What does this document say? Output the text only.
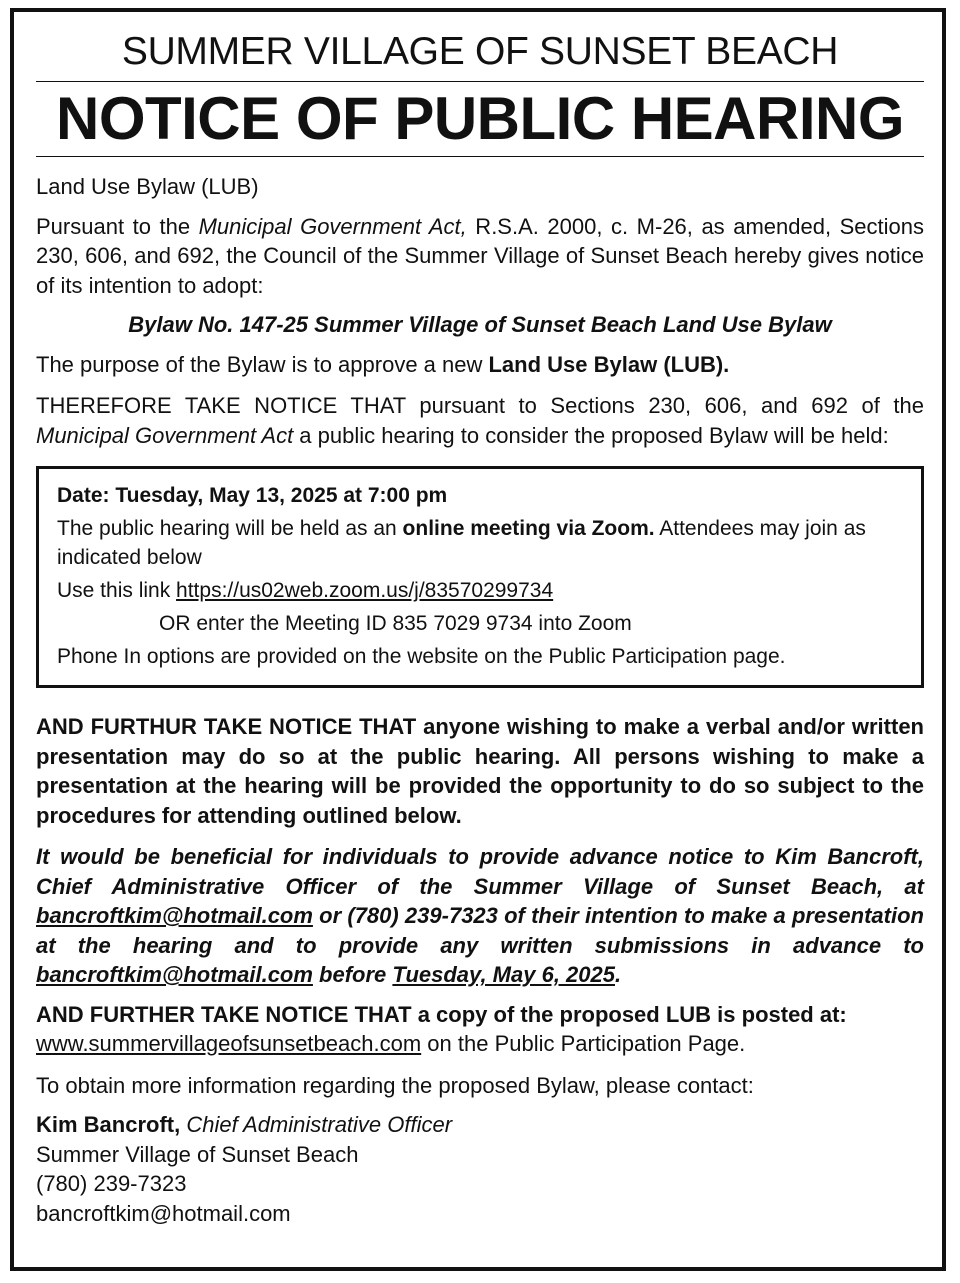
SUMMER VILLAGE OF SUNSET BEACH
NOTICE OF PUBLIC HEARING

Land Use Bylaw (LUB)

Pursuant to the Municipal Government Act, R.S.A. 2000, c. M-26, as amended, Sections 230, 606, and 692, the Council of the Summer Village of Sunset Beach hereby gives notice of its intention to adopt:

Bylaw No. 147-25 Summer Village of Sunset Beach Land Use Bylaw

The purpose of the Bylaw is to approve a new Land Use Bylaw (LUB).

THEREFORE TAKE NOTICE THAT pursuant to Sections 230, 606, and 692 of the Municipal Government Act a public hearing to consider the proposed Bylaw will be held:

Date: Tuesday, May 13, 2025 at 7:00 pm

The public hearing will be held as an online meeting via Zoom. Attendees may join as indicated below

Use this link https://us02web.zoom.us/j/83570299734

OR enter the Meeting ID 835 7029 9734 into Zoom

Phone In options are provided on the website on the Public Participation page.

AND FURTHUR TAKE NOTICE THAT anyone wishing to make a verbal and/or written presentation may do so at the public hearing. All persons wishing to make a presentation at the hearing will be provided the opportunity to do so subject to the procedures for attending outlined below.

It would be beneficial for individuals to provide advance notice to Kim Bancroft, Chief Administrative Officer of the Summer Village of Sunset Beach, at bancroftkim@hotmail.com or (780) 239-7323 of their intention to make a presentation at the hearing and to provide any written submissions in advance to bancroftkim@hotmail.com before Tuesday, May 6, 2025.

AND FURTHER TAKE NOTICE THAT a copy of the proposed LUB is posted at:
www.summervillageofsunsetbeach.com on the Public Participation Page.

To obtain more information regarding the proposed Bylaw, please contact:

Kim Bancroft, Chief Administrative Officer

Summer Village of Sunset Beach

(780) 239-7323

bancroftkim@hotmail.com
